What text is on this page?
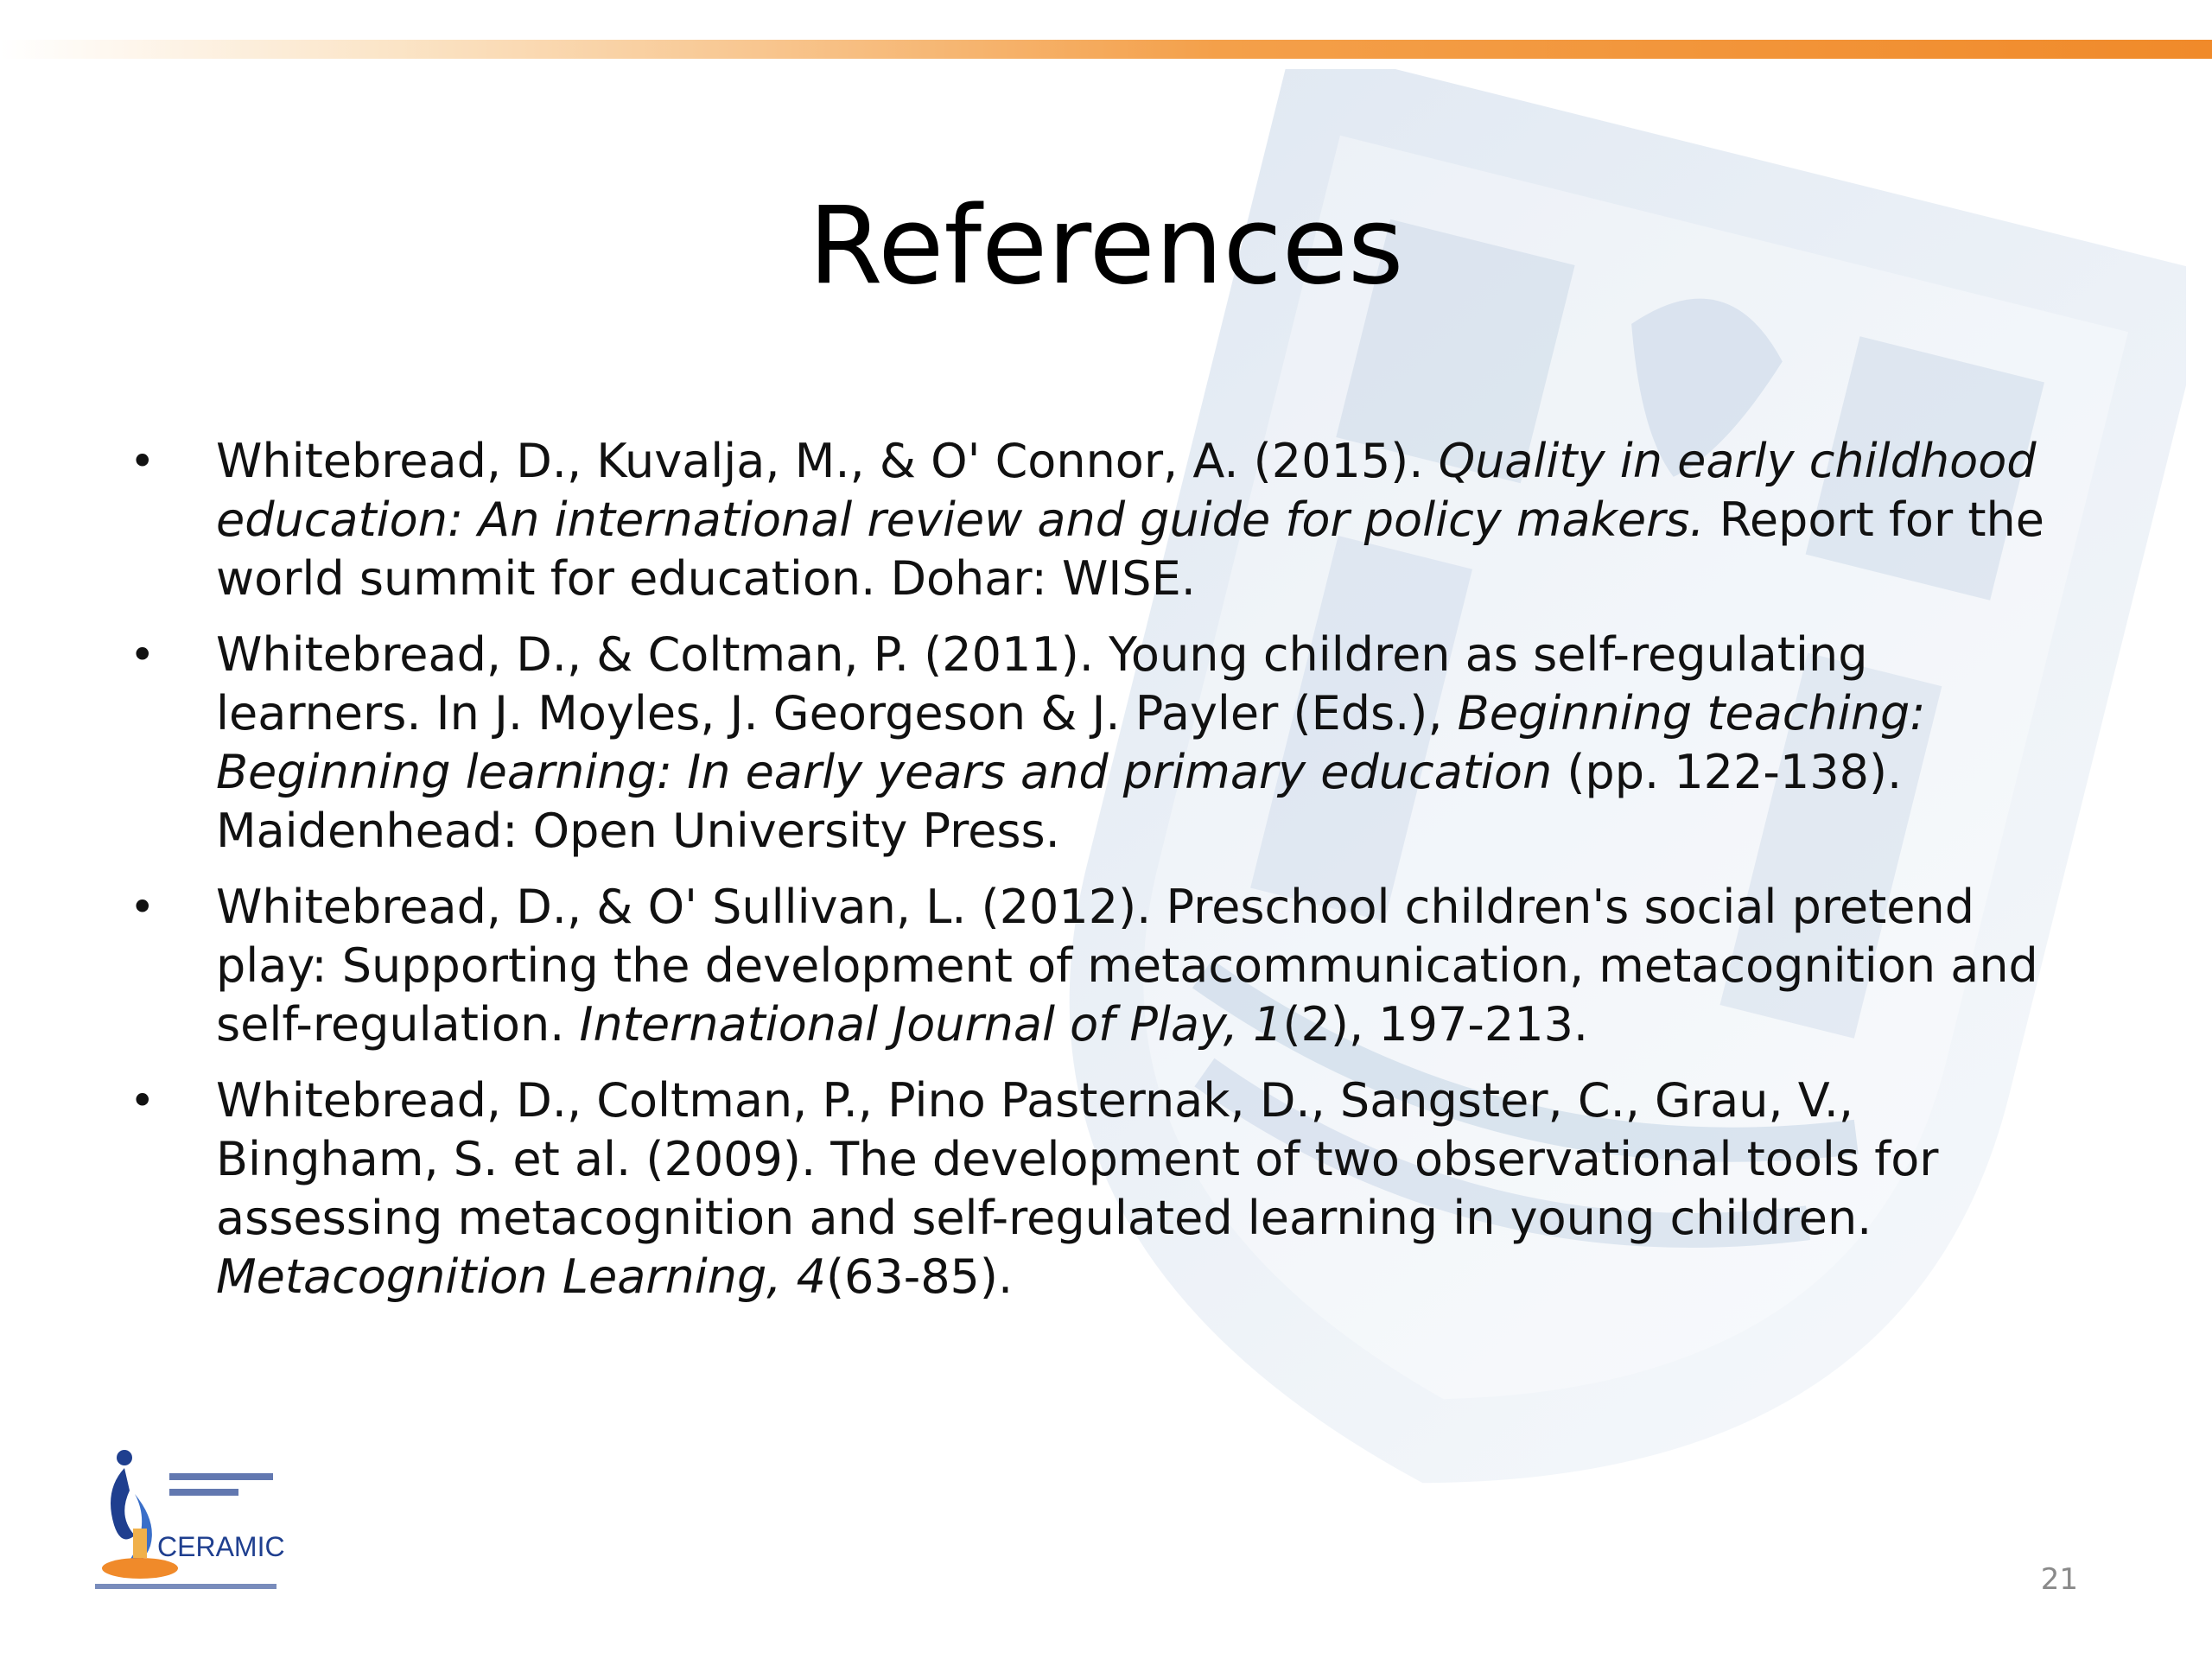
References
• Whitebread, D., Kuvalja, M., & O' Connor, A. (2015). Quality in early childhood education: An international review and guide for policy makers. Report for the world summit for education. Dohar: WISE.
• Whitebread, D., & Coltman, P. (2011). Young children as self-regulating learners. In J. Moyles, J. Georgeson & J. Payler (Eds.), Beginning teaching: Beginning learning: In early years and primary education (pp. 122-138). Maidenhead: Open University Press.
• Whitebread, D., & O' Sullivan, L. (2012). Preschool children's social pretend play: Supporting the development of metacommunication, metacognition and self-regulation. International Journal of Play, 1(2), 197-213.
• Whitebread, D., Coltman, P., Pino Pasternak, D., Sangster, C., Grau, V., Bingham, S. et al. (2009). The development of two observational tools for assessing metacognition and self-regulated learning in young children. Metacognition Learning, 4(63-85).
CERAMIC
21
